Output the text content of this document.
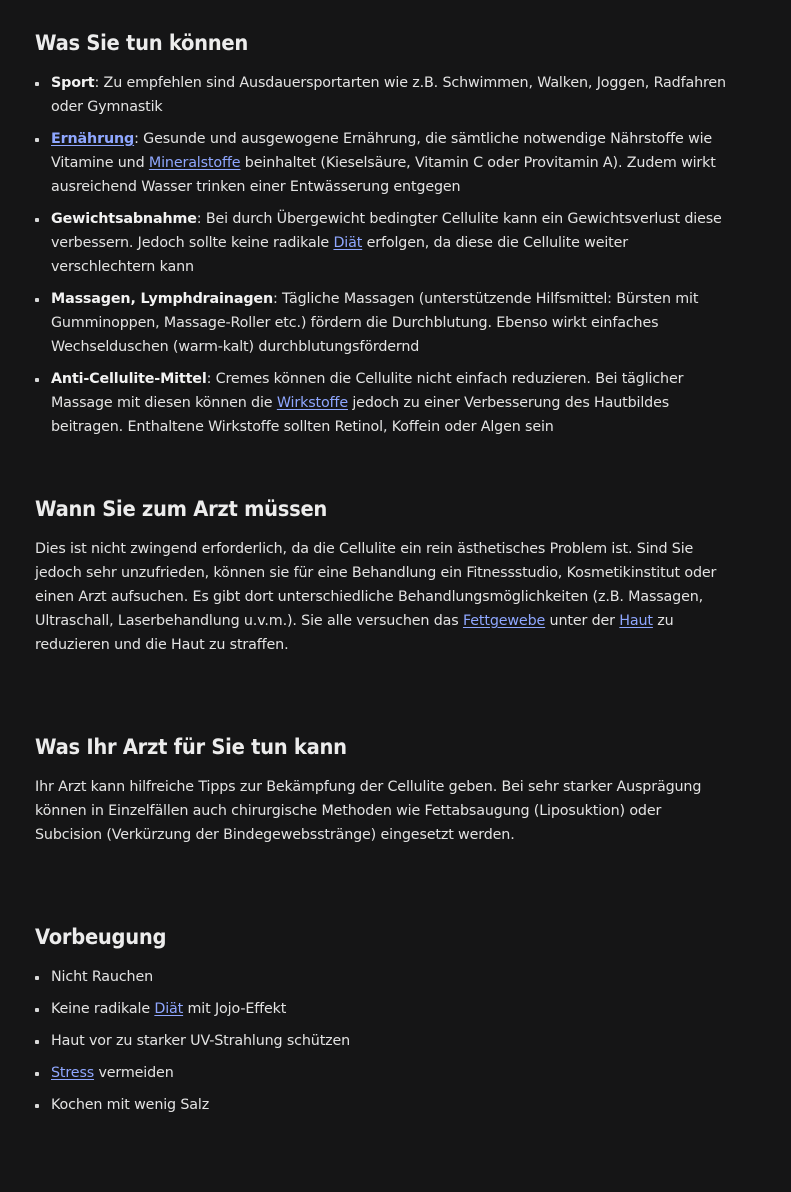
Was Sie tun können
Sport: Zu empfehlen sind Ausdauersportarten wie z.B. Schwimmen, Walken, Joggen, Radfahren oder Gymnastik
Ernährung: Gesunde und ausgewogene Ernährung, die sämtliche notwendige Nährstoffe wie Vitamine und Mineralstoffe beinhaltet (Kieselsäure, Vitamin C oder Provitamin A). Zudem wirkt ausreichend Wasser trinken einer Entwässerung entgegen
Gewichtsabnahme: Bei durch Übergewicht bedingter Cellulite kann ein Gewichtsverlust diese verbessern. Jedoch sollte keine radikale Diät erfolgen, da diese die Cellulite weiter verschlechtern kann
Massagen, Lymphdrainagen: Tägliche Massagen (unterstützende Hilfsmittel: Bürsten mit Gumminoppen, Massage-Roller etc.) fördern die Durchblutung. Ebenso wirkt einfaches Wechselduschen (warm-kalt) durchblutungsfördernd
Anti-Cellulite-Mittel: Cremes können die Cellulite nicht einfach reduzieren. Bei täglicher Massage mit diesen können die Wirkstoffe jedoch zu einer Verbesserung des Hautbildes beitragen. Enthaltene Wirkstoffe sollten Retinol, Koffein oder Algen sein
Wann Sie zum Arzt müssen

Dies ist nicht zwingend erforderlich, da die Cellulite ein rein ästhetisches Problem ist. Sind Sie jedoch sehr unzufrieden, können sie für eine Behandlung ein Fitnessstudio, Kosmetikinstitut oder einen Arzt aufsuchen. Es gibt dort unterschiedliche Behandlungsmöglichkeiten (z.B. Massagen, Ultraschall, Laserbehandlung u.v.m.). Sie alle versuchen das Fettgewebe unter der Haut zu reduzieren und die Haut zu straffen.

Was Ihr Arzt für Sie tun kann

Ihr Arzt kann hilfreiche Tipps zur Bekämpfung der Cellulite geben. Bei sehr starker Ausprägung können in Einzelfällen auch chirurgische Methoden wie Fettabsaugung (Liposuktion) oder Subcision (Verkürzung der Bindegewebsstränge) eingesetzt werden.

Vorbeugung
Nicht Rauchen
Keine radikale Diät mit Jojo-Effekt
Haut vor zu starker UV-Strahlung schützen
Stress vermeiden
Kochen mit wenig Salz
